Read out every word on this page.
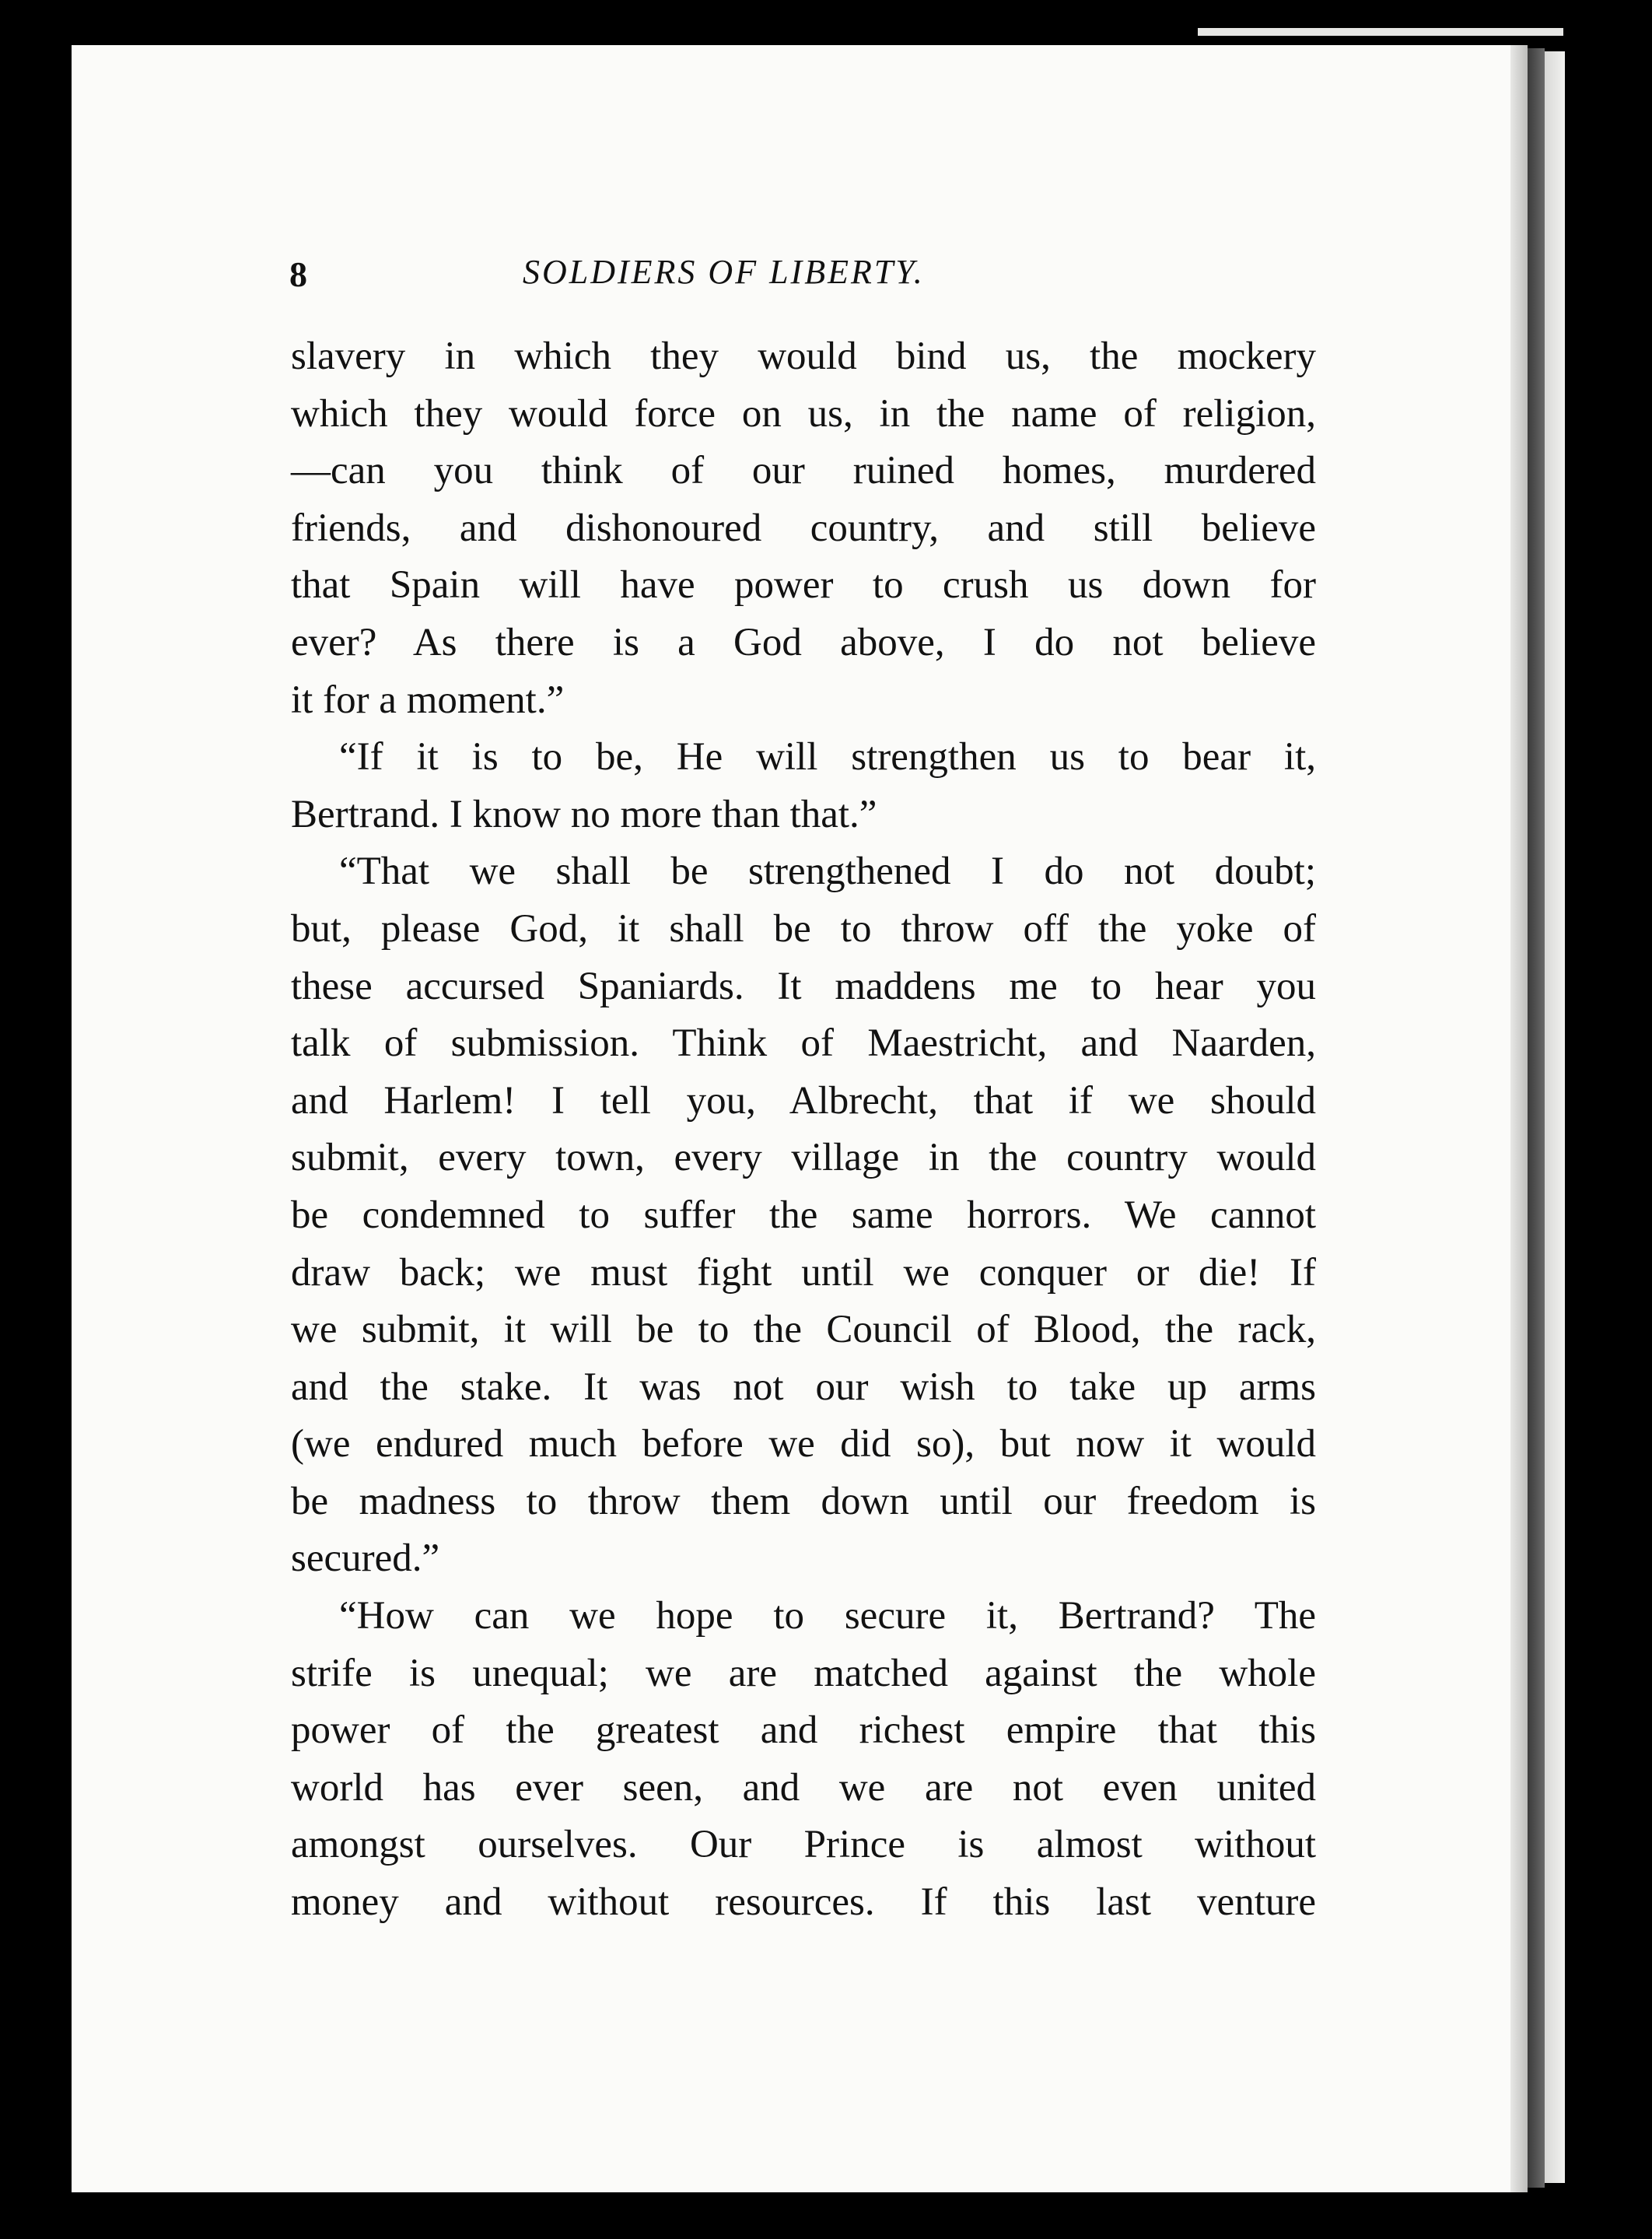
8	SOLDIERS OF LIBERTY.
slavery in which they would bind us, the mockery
which they would force on us, in the name of religion,
—can you think of our ruined homes, murdered
friends, and dishonoured country, and still believe
that Spain will have power to crush us down for
ever? As there is a God above, I do not believe
it for a moment.”
“If it is to be, He will strengthen us to bear it,
Bertrand. I know no more than that.”
“That we shall be strengthened I do not doubt;
but, please God, it shall be to throw off the yoke of
these accursed Spaniards. It maddens me to hear you
talk of submission. Think of Maestricht, and Naarden,
and Harlem! I tell you, Albrecht, that if we should
submit, every town, every village in the country would
be condemned to suffer the same horrors. We cannot
draw back; we must fight until we conquer or die! If
we submit, it will be to the Council of Blood, the rack,
and the stake. It was not our wish to take up arms
(we endured much before we did so), but now it would
be madness to throw them down until our freedom is
secured.”
“How can we hope to secure it, Bertrand? The
strife is unequal; we are matched against the whole
power of the greatest and richest empire that this
world has ever seen, and we are not even united
amongst ourselves. Our Prince is almost without
money and without resources. If this last venture
